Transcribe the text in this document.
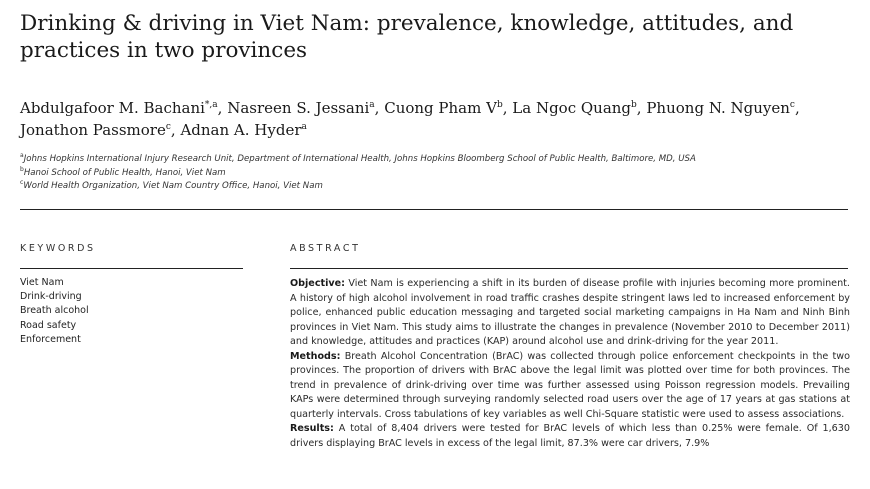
Drinking & driving in Viet Nam: prevalence, knowledge, attitudes, and practices in two provinces
Abdulgafoor M. Bachani$^{*,a}$, Nasreen S. Jessani$^a$, Cuong Pham $V^b$, La Ngoc Quang$^b$, Phuong N. Nguyen$^c$,
Jonathon Passmore$^c$, Adnan A. Hyder$^a$
$^a$Johns Hopkins International Injury Research Unit, Department of International Health, Johns Hopkins Bloomberg School of Public Health, Baltimore, MD, USA
$^b$Hanoi School of Public Health, Hanoi, Viet Nam
$^c$World Health Organization, Viet Nam Country Office, Hanoi, Viet Nam
KEYWORDS	ABSTRACT
Viet Nam
Drink-driving
Breath alcohol
Road safety
Enforcement

Objective: Viet Nam is experiencing a shift in its burden of disease profile with injuries becoming more prominent. A history of high alcohol involvement in road traffic crashes despite stringent laws led to increased enforcement by police, enhanced public education messaging and targeted social marketing campaigns in Ha Nam and Ninh Binh provinces in Viet Nam. This study aims to illustrate the changes in prevalence (November 2010 to December 2011) and knowledge, attitudes and practices (KAP) around alcohol use and drink-driving for the year 2011.

Methods: Breath Alcohol Concentration (BrAC) was collected through police enforcement checkpoints in the two provinces. The proportion of drivers with BrAC above the legal limit was plotted over time for both provinces. The trend in prevalence of drink-driving over time was further assessed using Poisson regression models. Prevailing KAPs were determined through surveying randomly selected road users over the age of 17 years at gas stations at quarterly intervals. Cross tabulations of key variables as well Chi-Square statistic were used to assess associations.

Results: A total of 8,404 drivers were tested for BrAC levels of which less than 0.25% were female. Of 1,630 drivers displaying BrAC levels in excess of the legal limit, 87.3% were car drivers, 7.9%
